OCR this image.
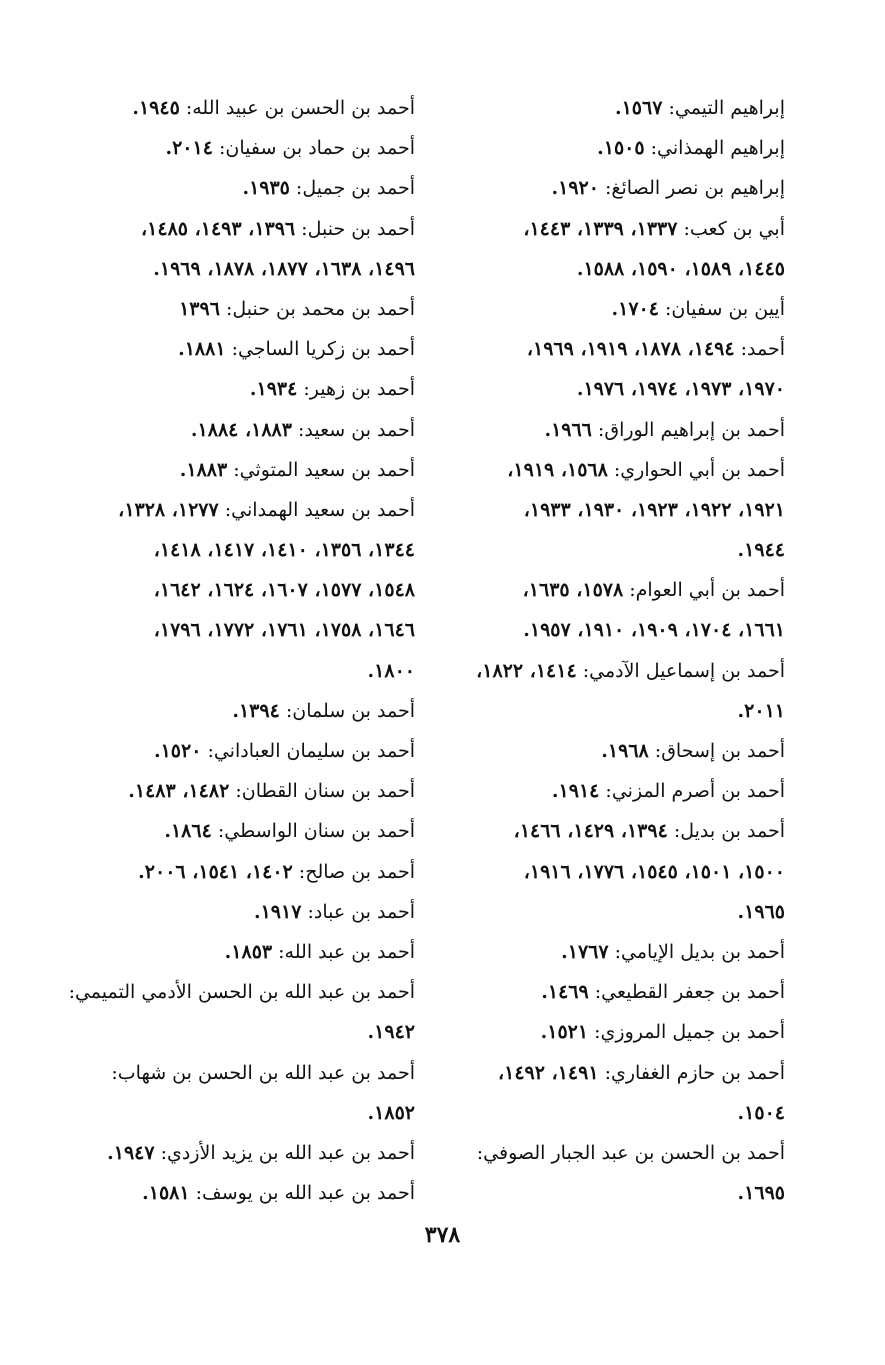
إبراهيم التيمي: ١٥٦٧.
إبراهيم الهمذاني: ١٥٠٥.
إبراهيم بن نصر الصائغ: ١٩٢٠.
أبي بن كعب: ١٣٣٧، ١٣٣٩، ١٤٤٣،
١٤٤٥، ١٥٨٩، ١٥٩٠، ١٥٨٨.
أيين بن سفيان: ١٧٠٤.
أحمد: ١٤٩٤، ١٨٧٨، ١٩١٩، ١٩٦٩،
١٩٧٠، ١٩٧٣، ١٩٧٤، ١٩٧٦.
أحمد بن إبراهيم الوراق: ١٩٦٦.
أحمد بن أبي الحواري: ١٥٦٨، ١٩١٩،
١٩٢١، ١٩٢٢، ١٩٢٣، ١٩٣٠، ١٩٣٣،
١٩٤٤.
أحمد بن أبي العوام: ١٥٧٨، ١٦٣٥،
١٦٦١، ١٧٠٤، ١٩٠٩، ١٩١٠، ١٩٥٧.
أحمد بن إسماعيل الآدمي: ١٤١٤، ١٨٢٢،
٢٠١١.
أحمد بن إسحاق: ١٩٦٨.
أحمد بن أصرم المزني: ١٩١٤.
أحمد بن بديل: ١٣٩٤، ١٤٢٩، ١٤٦٦،
١٥٠٠، ١٥٠١، ١٥٤٥، ١٧٧٦، ١٩١٦،
١٩٦٥.
أحمد بن بديل الإيامي: ١٧٦٧.
أحمد بن جعفر القطيعي: ١٤٦٩.
أحمد بن جميل المروزي: ١٥٢١.
أحمد بن حازم الغفاري: ١٤٩١، ١٤٩٢،
١٥٠٤.
أحمد بن الحسن بن عبد الجبار الصوفي:
١٦٩٥.
أحمد بن الحسن بن عبيد الله: ١٩٤٥.
أحمد بن حماد بن سفيان: ٢٠١٤.
أحمد بن جميل: ١٩٣٥.
أحمد بن حنبل: ١٣٩٦، ١٤٩٣، ١٤٨٥،
١٤٩٦، ١٦٣٨، ١٨٧٧، ١٨٧٨، ١٩٦٩.
أحمد بن محمد بن حنبل: ١٣٩٦
أحمد بن زكريا الساجي: ١٨٨١.
أحمد بن زهير: ١٩٣٤.
أحمد بن سعيد: ١٨٨٣، ١٨٨٤.
أحمد بن سعيد المتوثي: ١٨٨٣.
أحمد بن سعيد الهمداني: ١٢٧٧، ١٣٢٨،
١٣٤٤، ١٣٥٦، ١٤١٠، ١٤١٧، ١٤١٨،
١٥٤٨، ١٥٧٧، ١٦٠٧، ١٦٢٤، ١٦٤٢،
١٦٤٦، ١٧٥٨، ١٧٦١، ١٧٧٢، ١٧٩٦،
١٨٠٠.
أحمد بن سلمان: ١٣٩٤.
أحمد بن سليمان العباداني: ١٥٢٠.
أحمد بن سنان القطان: ١٤٨٢، ١٤٨٣.
أحمد بن سنان الواسطي: ١٨٦٤.
أحمد بن صالح: ١٤٠٢، ١٥٤١، ٢٠٠٦.
أحمد بن عباد: ١٩١٧.
أحمد بن عبد الله: ١٨٥٣.
أحمد بن عبد الله بن الحسن الأدمي التميمي:
١٩٤٢.
أحمد بن عبد الله بن الحسن بن شهاب:
١٨٥٢.
أحمد بن عبد الله بن يزيد الأزدي: ١٩٤٧.
أحمد بن عبد الله بن يوسف: ١٥٨١.
٣٧٨
